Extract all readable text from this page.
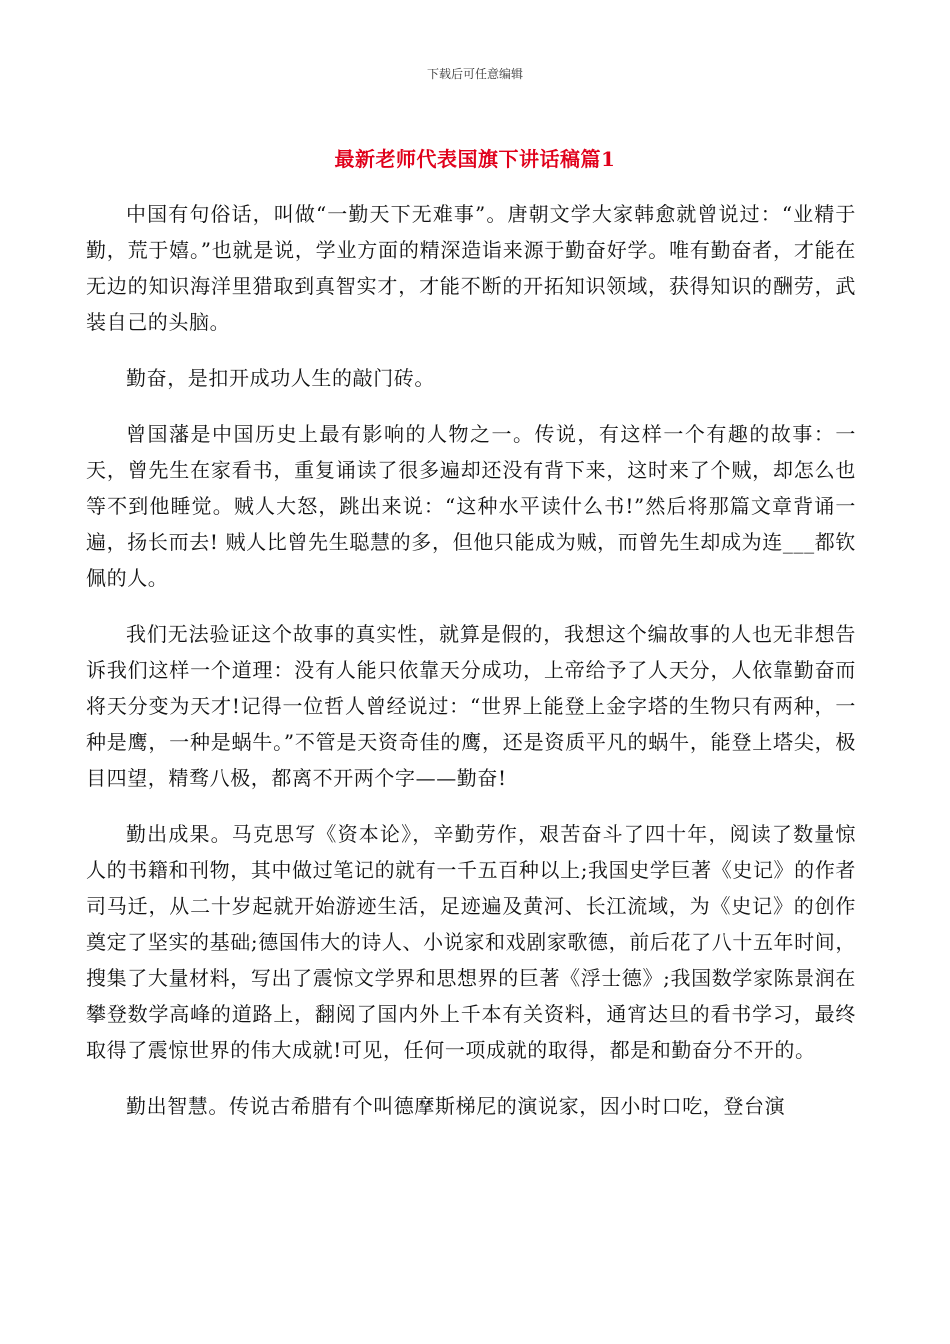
下载后可任意编辑
最新老师代表国旗下讲话稿篇1

中国有句俗话，叫做“一勤天下无难事”。唐朝文学大家韩愈就曾说过：“业精于勤，荒于嬉。”也就是说，学业方面的精深造诣来源于勤奋好学。唯有勤奋者，才能在无边的知识海洋里猎取到真智实才，才能不断的开拓知识领域，获得知识的酬劳，武装自己的头脑。

勤奋，是扣开成功人生的敲门砖。

曾国藩是中国历史上最有影响的人物之一。传说，有这样一个有趣的故事：一天，曾先生在家看书，重复诵读了很多遍却还没有背下来，这时来了个贼，却怎么也等不到他睡觉。贼人大怒，跳出来说：“这种水平读什么书!”然后将那篇文章背诵一遍，扬长而去! 贼人比曾先生聪慧的多，但他只能成为贼，而曾先生却成为连___都钦佩的人。

我们无法验证这个故事的真实性，就算是假的，我想这个编故事的人也无非想告诉我们这样一个道理：没有人能只依靠天分成功，上帝给予了人天分，人依靠勤奋而将天分变为天才!记得一位哲人曾经说过：“世界上能登上金字塔的生物只有两种，一种是鹰，一种是蜗牛。”不管是天资奇佳的鹰，还是资质平凡的蜗牛，能登上塔尖，极目四望，精骛八极，都离不开两个字——勤奋!

勤出成果。马克思写《资本论》，辛勤劳作，艰苦奋斗了四十年，阅读了数量惊人的书籍和刊物，其中做过笔记的就有一千五百种以上;我国史学巨著《史记》的作者司马迁，从二十岁起就开始游迹生活，足迹遍及黄河、长江流域，为《史记》的创作奠定了坚实的基础;德国伟大的诗人、小说家和戏剧家歌德，前后花了八十五年时间，搜集了大量材料，写出了震惊文学界和思想界的巨著《浮士德》;我国数学家陈景润在攀登数学高峰的道路上，翻阅了国内外上千本有关资料，通宵达旦的看书学习，最终取得了震惊世界的伟大成就!可见，任何一项成就的取得，都是和勤奋分不开的。

勤出智慧。传说古希腊有个叫德摩斯梯尼的演说家，因小时口吃，登台演
